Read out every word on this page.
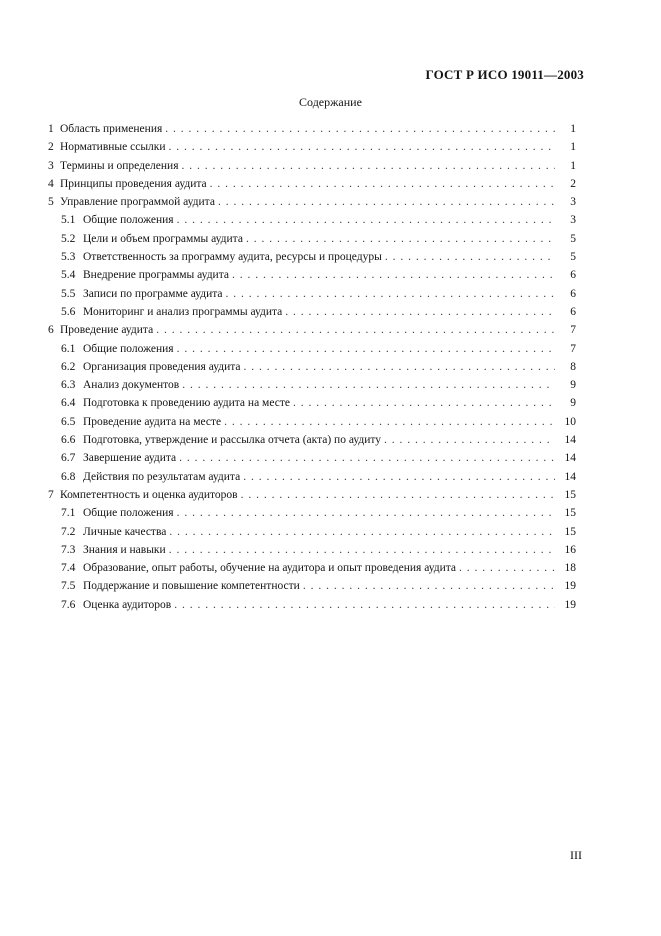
ГОСТ Р ИСО 19011—2003
Содержание
1 Область применения . . .	1
2 Нормативные ссылки . . .	1
3 Термины и определения . . .	1
4 Принципы проведения аудита . . .	2
5 Управление программой аудита . . .	3
5.1 Общие положения . . .	3
5.2 Цели и объем программы аудита . . .	5
5.3 Ответственность за программу аудита, ресурсы и процедуры . . .	5
5.4 Внедрение программы аудита . . .	6
5.5 Записи по программе аудита . . .	6
5.6 Мониторинг и анализ программы аудита . . .	6
6 Проведение аудита . . .	7
6.1 Общие положения . . .	7
6.2 Организация проведения аудита . . .	8
6.3 Анализ документов . . .	9
6.4 Подготовка к проведению аудита на месте . . .	9
6.5 Проведение аудита на месте . . .	10
6.6 Подготовка, утверждение и рассылка отчета (акта) по аудиту . . .	14
6.7 Завершение аудита . . .	14
6.8 Действия по результатам аудита . . .	14
7 Компетентность и оценка аудиторов . . .	15
7.1 Общие положения . . .	15
7.2 Личные качества . . .	15
7.3 Знания и навыки . . .	16
7.4 Образование, опыт работы, обучение на аудитора и опыт проведения аудита . . .	18
7.5 Поддержание и повышение компетентности . . .	19
7.6 Оценка аудиторов . . .	19
III
